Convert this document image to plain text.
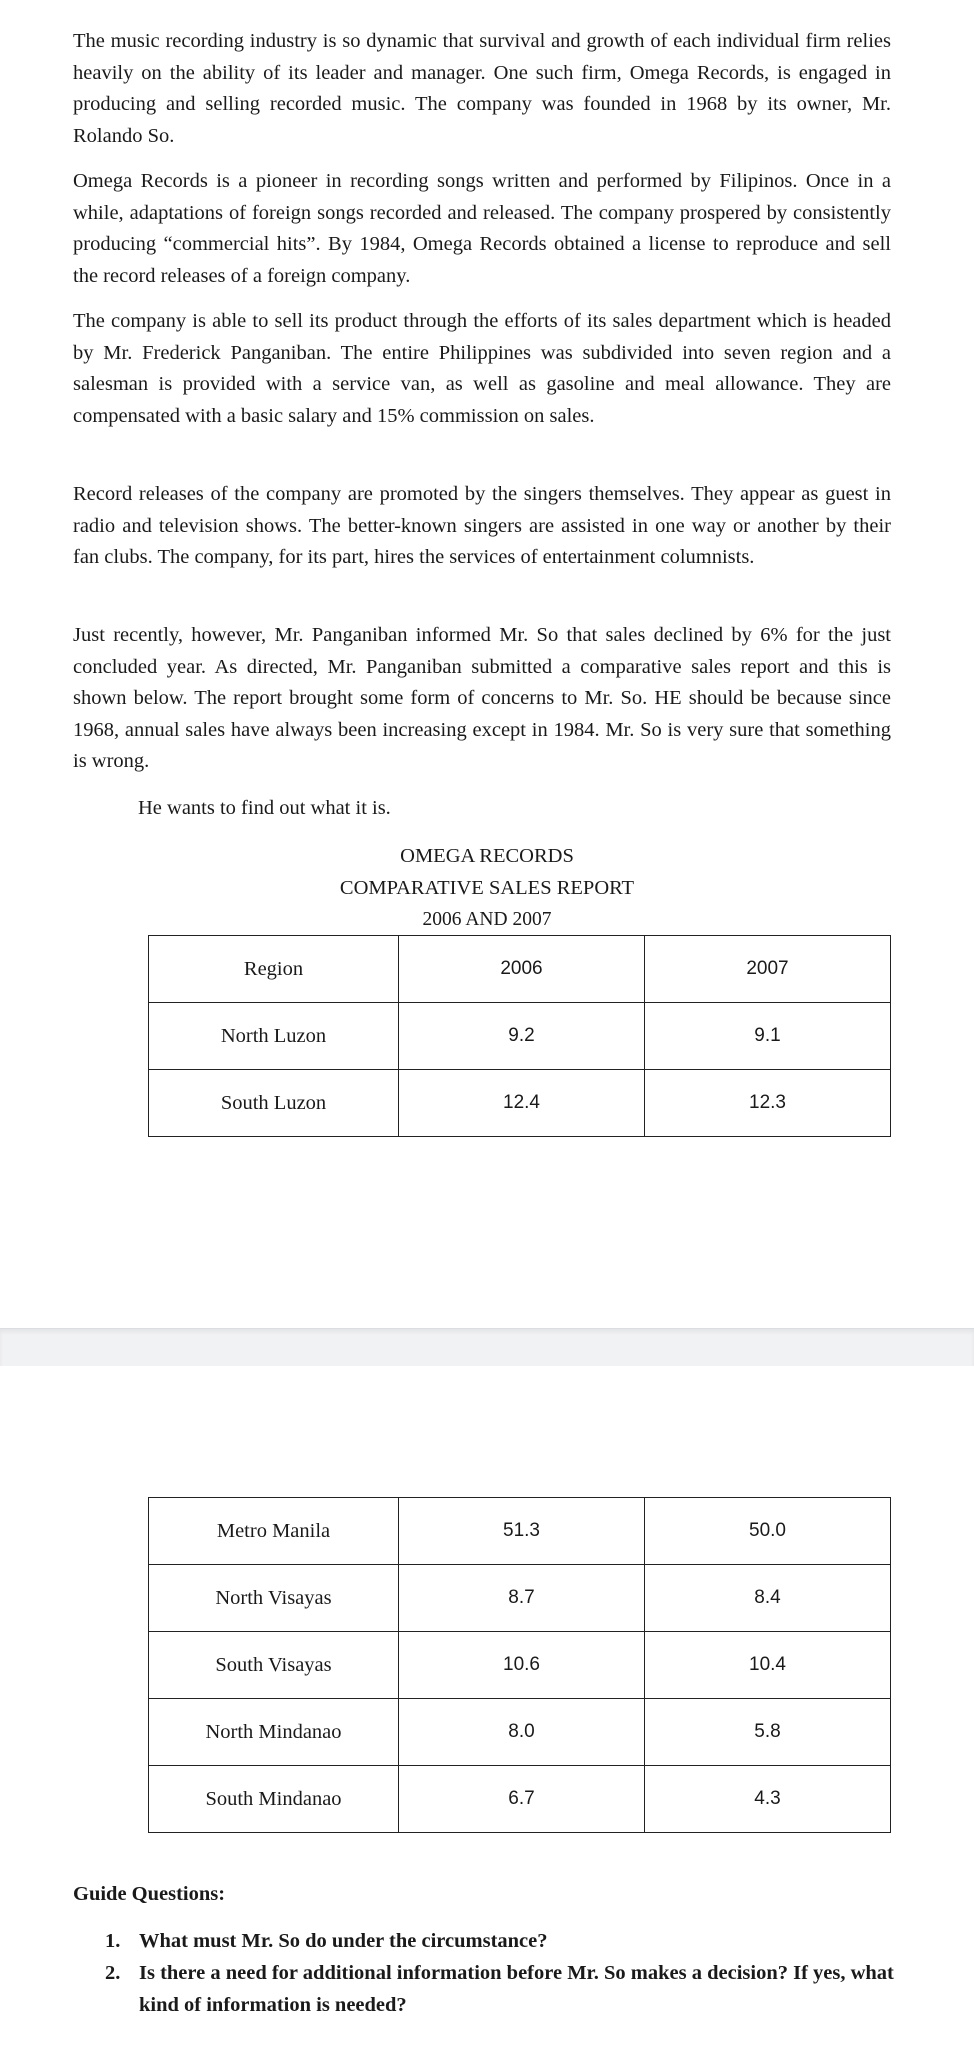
The music recording industry is so dynamic that survival and growth of each individual firm relies heavily on the ability of its leader and manager. One such firm, Omega Records, is engaged in producing and selling recorded music. The company was founded in 1968 by its owner, Mr. Rolando So.

Omega Records is a pioneer in recording songs written and performed by Filipinos. Once in a while, adaptations of foreign songs recorded and released. The company prospered by consistently producing “commercial hits”. By 1984, Omega Records obtained a license to reproduce and sell the record releases of a foreign company.

The company is able to sell its product through the efforts of its sales department which is headed by Mr. Frederick Panganiban. The entire Philippines was subdivided into seven region and a salesman is provided with a service van, as well as gasoline and meal allowance. They are compensated with a basic salary and 15% commission on sales.

Record releases of the company are promoted by the singers themselves. They appear as guest in radio and television shows. The better-known singers are assisted in one way or another by their fan clubs. The company, for its part, hires the services of entertainment columnists.

Just recently, however, Mr. Panganiban informed Mr. So that sales declined by 6% for the just concluded year. As directed, Mr. Panganiban submitted a comparative sales report and this is shown below. The report brought some form of concerns to Mr. So. HE should be because since 1968, annual sales have always been increasing except in 1984. Mr. So is very sure that something is wrong.

He wants to find out what it is.

OMEGA RECORDS
COMPARATIVE SALES REPORT
2006 AND 2007
Region	2006	2007
North Luzon	9.2	9.1
South Luzon	12.4	12.3
Metro Manila	51.3	50.0
North Visayas	8.7	8.4
South Visayas	10.6	10.4
North Mindanao	8.0	5.8
South Mindanao	6.7	4.3

Guide Questions:

1. What must Mr. So do under the circumstance?
2. Is there a need for additional information before Mr. So makes a decision? If yes, what kind of information is needed?
